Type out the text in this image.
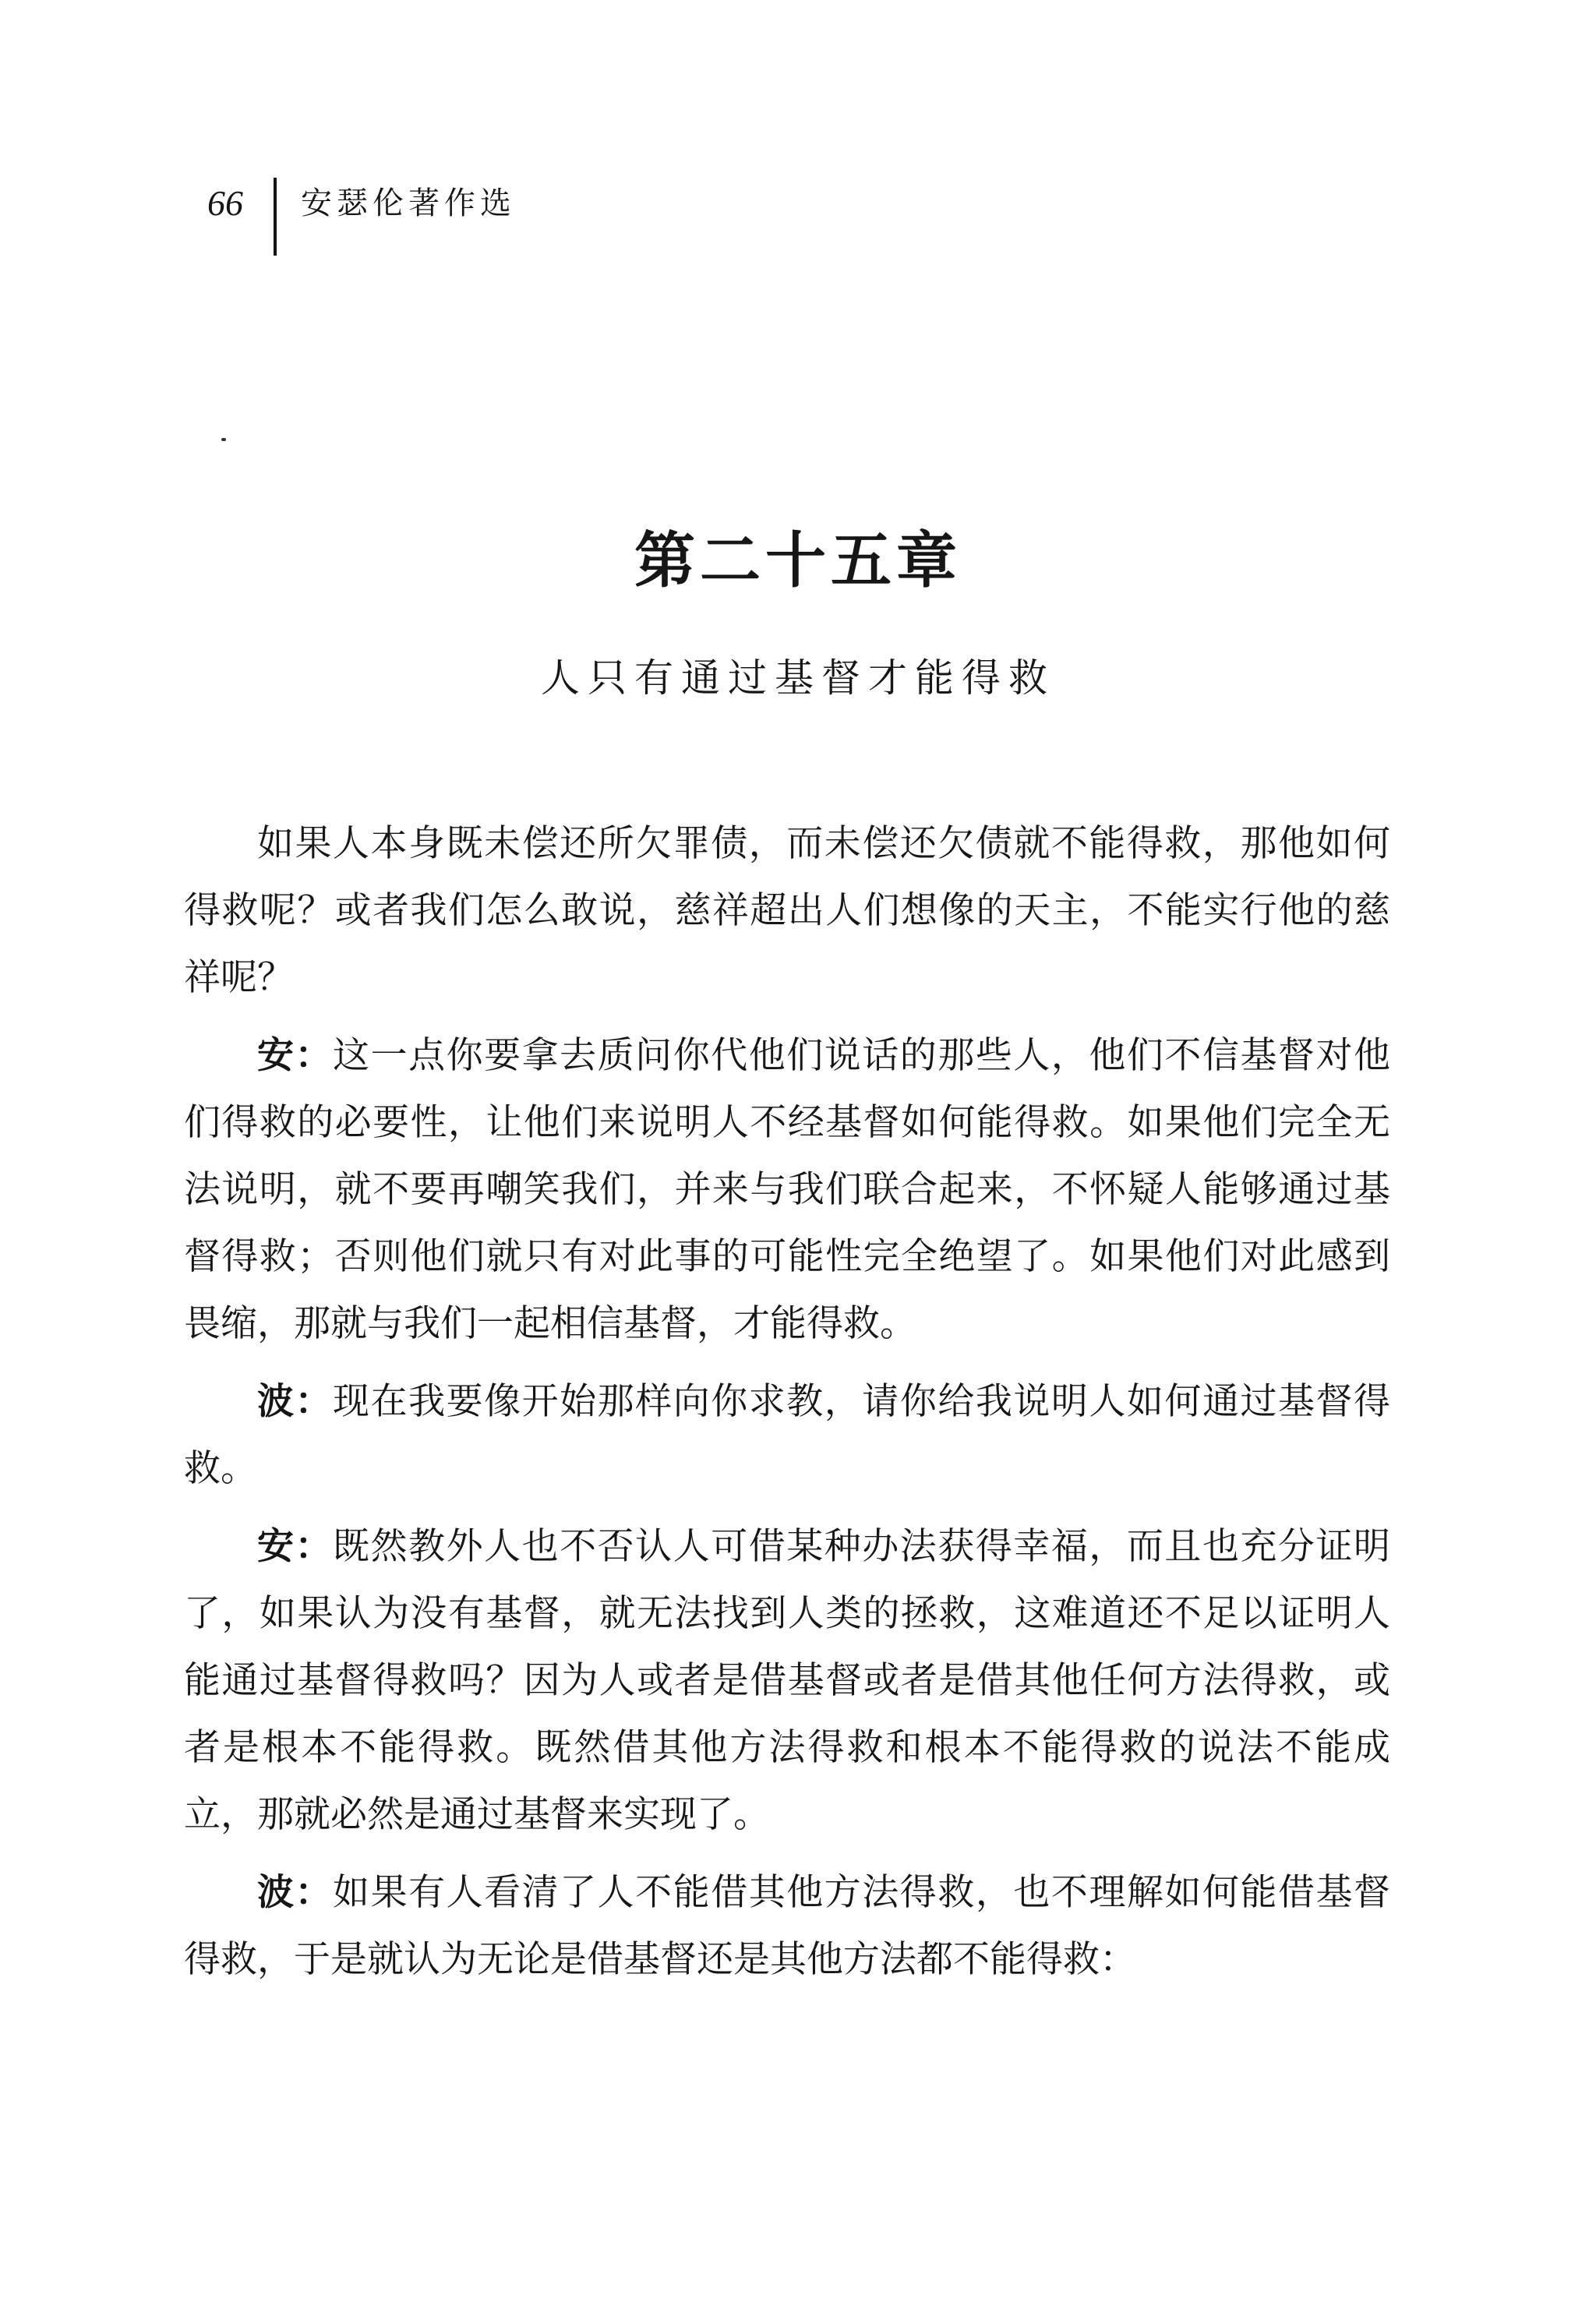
66 安瑟伦著作选
第二十五章
人只有通过基督才能得救

如果人本身既未偿还所欠罪债，而未偿还欠债就不能得救，那他如何得救呢？或者我们怎么敢说，慈祥超出人们想像的天主，不能实行他的慈祥呢？

安：这一点你要拿去质问你代他们说话的那些人，他们不信基督对他们得救的必要性，让他们来说明人不经基督如何能得救。如果他们完全无法说明，就不要再嘲笑我们，并来与我们联合起来，不怀疑人能够通过基督得救；否则他们就只有对此事的可能性完全绝望了。如果他们对此感到畏缩，那就与我们一起相信基督，才能得救。

波：现在我要像开始那样向你求教，请你给我说明人如何通过基督得救。

安：既然教外人也不否认人可借某种办法获得幸福，而且也充分证明了，如果认为没有基督，就无法找到人类的拯救，这难道还不足以证明人能通过基督得救吗？因为人或者是借基督或者是借其他任何方法得救，或者是根本不能得救。既然借其他方法得救和根本不能得救的说法不能成立，那就必然是通过基督来实现了。

波：如果有人看清了人不能借其他方法得救，也不理解如何能借基督得救，于是就认为无论是借基督还是其他方法都不能得救：
